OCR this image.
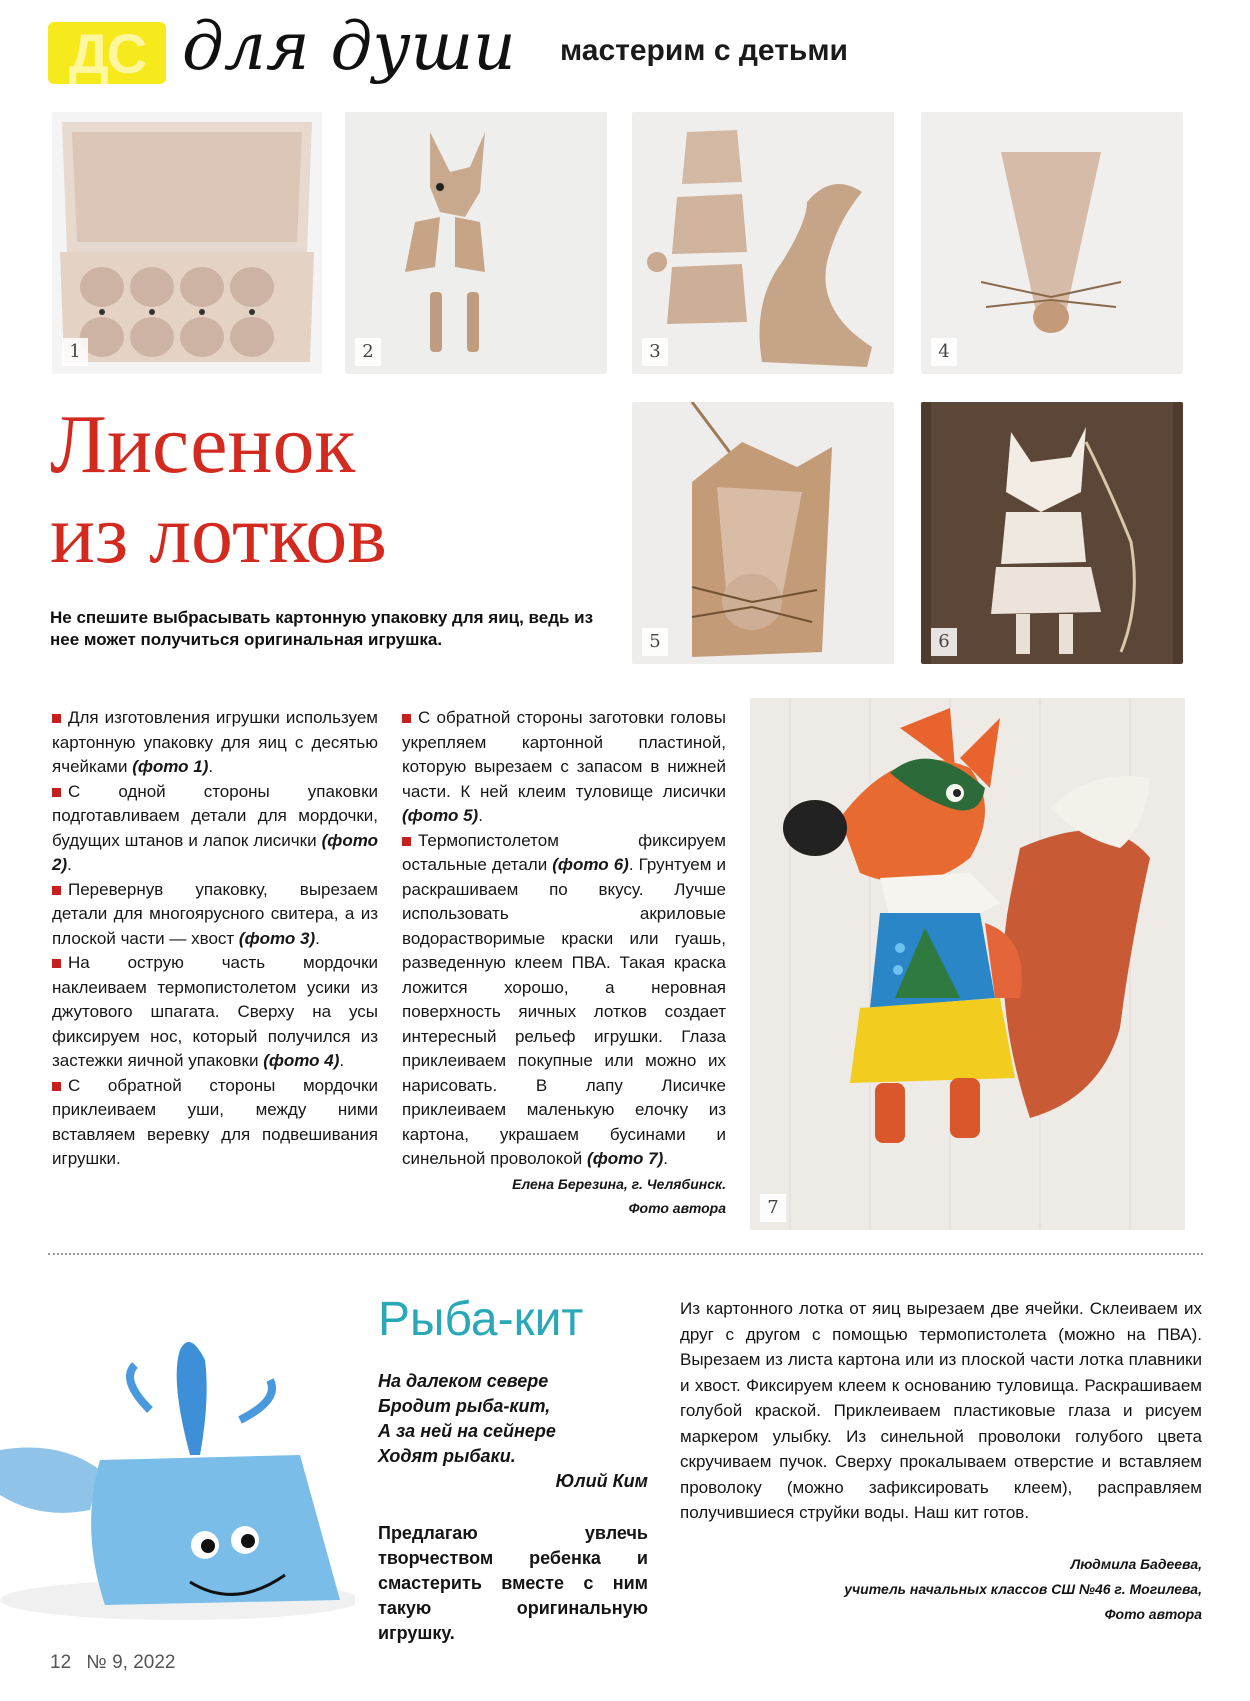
ДС для души мастерим с детьми
1	2	3	4
Лисенок
из лотков
5	6
Не спешите выбрасывать картонную упаковку для яиц, ведь из нее может получиться оригинальная игрушка.

Для изготовления игрушки используем картонную упаковку для яиц с десятью ячейками (фото 1).

С одной стороны упаковки подготавливаем детали для мордочки, будущих штанов и лапок лисички (фото 2).

Перевернув упаковку, вырезаем детали для многоярусного свитера, а из плоской части — хвост (фото 3).

На острую часть мордочки наклеиваем термопистолетом усики из джутового шпагата. Сверху на усы фиксируем нос, который получился из застежки яичной упаковки (фото 4).

С обратной стороны мордочки приклеиваем уши, между ними вставляем веревку для подвешивания игрушки.

С обратной стороны заготовки головы укрепляем картонной пластиной, которую вырезаем с запасом в нижней части. К ней клеим туловище лисички (фото 5).

Термопистолетом фиксируем остальные детали (фото 6). Грунтуем и раскрашиваем по вкусу. Лучше использовать акриловые водорастворимые краски или гуашь, разведенную клеем ПВА. Такая краска ложится хорошо, а неровная поверхность яичных лотков создает интересный рельеф игрушки. Глаза приклеиваем покупные или можно их нарисовать. В лапу Лисичке приклеиваем маленькую елочку из картона, украшаем бусинами и синельной проволокой (фото 7).

Елена Березина, г. Челябинск.
Фото автора	7
Рыба-кит
На далеком севере
Бродит рыба-кит,
А за ней на сейнере
Ходят рыбаки.
Юлий Ким
Предлагаю увлечь творчеством ребенка и смастерить вместе с ним такую оригинальную игрушку.
Из картонного лотка от яиц вырезаем две ячейки. Склеиваем их друг с другом с помощью термопистолета (можно на ПВА). Вырезаем из листа картона или из плоской части лотка плавники и хвост. Фиксируем клеем к основанию туловища. Раскрашиваем голубой краской. Приклеиваем пластиковые глаза и рисуем маркером улыбку. Из синельной проволоки голубого цвета скручиваем пучок. Сверху прокалываем отверстие и вставляем проволоку (можно зафиксировать клеем), расправляем получившиеся струйки воды. Наш кит готов.
Людмила Бадеева,
учитель начальных классов СШ №46 г. Могилева,
Фото автора
12 № 9, 2022
